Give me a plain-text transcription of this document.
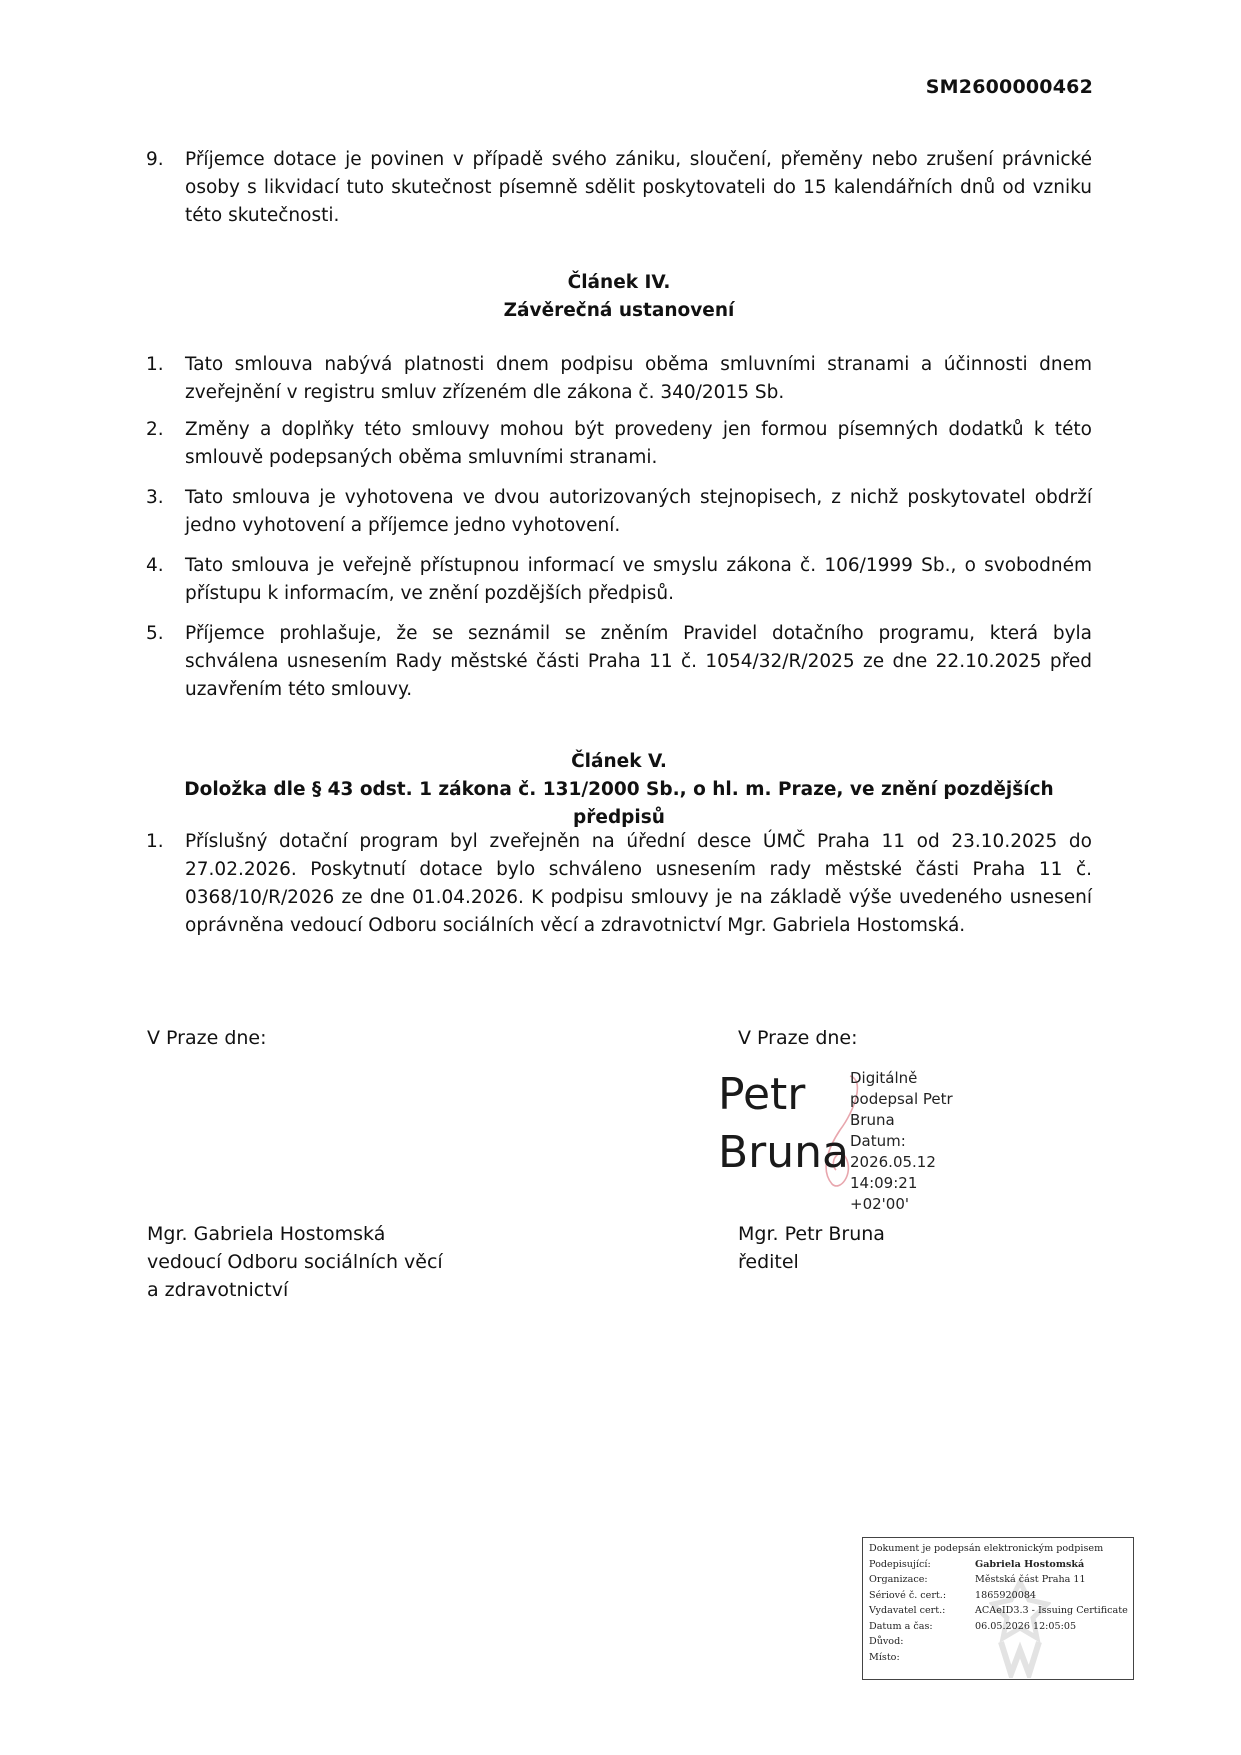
SM2600000462
9. Příjemce dotace je povinen v případě svého zániku, sloučení, přeměny nebo zrušení právnické osoby s likvidací tuto skutečnost písemně sdělit poskytovateli do 15 kalendářních dnů od vzniku této skutečnosti.
Článek IV.
Závěrečná ustanovení
1. Tato smlouva nabývá platnosti dnem podpisu oběma smluvními stranami a účinnosti dnem zveřejnění v registru smluv zřízeném dle zákona č. 340/2015 Sb.
2. Změny a doplňky této smlouvy mohou být provedeny jen formou písemných dodatků k této smlouvě podepsaných oběma smluvními stranami.
3. Tato smlouva je vyhotovena ve dvou autorizovaných stejnopisech, z nichž poskytovatel obdrží jedno vyhotovení a příjemce jedno vyhotovení.
4. Tato smlouva je veřejně přístupnou informací ve smyslu zákona č. 106/1999 Sb., o svobodném přístupu k informacím, ve znění pozdějších předpisů.
5. Příjemce prohlašuje, že se seznámil se zněním Pravidel dotačního programu, která byla schválena usnesením Rady městské části Praha 11 č. 1054/32/R/2025 ze dne 22.10.2025 před uzavřením této smlouvy.
Článek V.
Doložka dle § 43 odst. 1 zákona č. 131/2000 Sb., o hl. m. Praze, ve znění pozdějších předpisů
1. Příslušný dotační program byl zveřejněn na úřední desce ÚMČ Praha 11 od 23.10.2025 do 27.02.2026. Poskytnutí dotace bylo schváleno usnesením rady městské části Praha 11 č. 0368/10/R/2026 ze dne 01.04.2026. K podpisu smlouvy je na základě výše uvedeného usnesení oprávněna vedoucí Odboru sociálních věcí a zdravotnictví Mgr. Gabriela Hostomská.
V Praze dne:	V Praze dne:
Petr
Bruna
Digitálně
podepsal Petr
Bruna
Datum:
2026.05.12
14:09:21 +02'00'
Mgr. Gabriela Hostomská
vedoucí Odboru sociálních věcí
a zdravotnictví
Mgr. Petr Bruna
ředitel
Dokument je podepsán elektronickým podpisem
Podepisující:	Gabriela Hostomská
Organizace:	Městská část Praha 11
Sériové č. cert.:	1865920084
Vydavatel cert.:	ACAeID3.3 - Issuing Certificate
Datum a čas:	06.05.2026 12:05:05
Důvod:
Místo:
